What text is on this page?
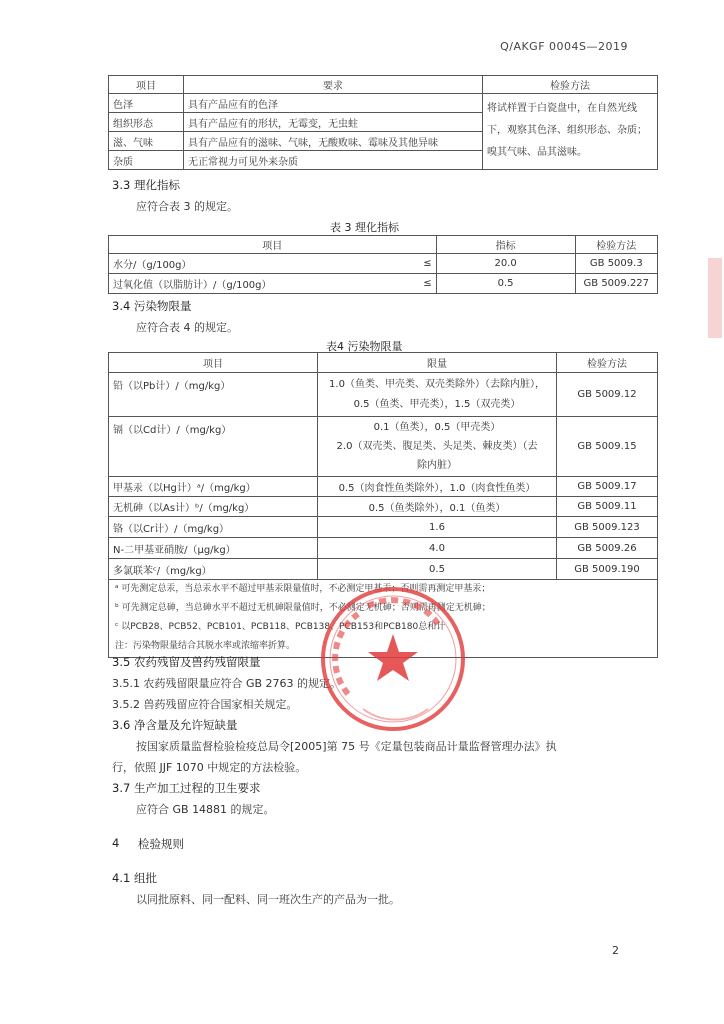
Q/AKGF 0004S—2019
项目	要求	检验方法
色泽	具有产品应有的色泽	将试样置于白瓷盘中，在自然光线
下，观察其色泽、组织形态、杂质；
嗅其气味、品其滋味。

组织形态	具有产品应有的形状，无霉变，无虫蛀	
滋、气味	具有产品应有的滋味、气味，无酸败味、霉味及其他异味	
杂质	无正常视力可见外来杂质	
3.3 理化指标
应符合表 3 的规定。
表 3 理化指标
项目		指标	检验方法
水分/（g/100g）	≤	20.0	GB 5009.3
过氧化值（以脂肪计）/（g/100g）	≤	0.5	GB 5009.227
3.4 污染物限量
应符合表 4 的规定。
表4 污染物限量
项目	限量	检验方法
铅（以Pb计）/（mg/kg）	1.0（鱼类、甲壳类、双壳类除外）（去除内脏），
0.5（鱼类、甲壳类），1.5（双壳类）	GB 5009.12
镉（以Cd计）/（mg/kg）	0.1（鱼类），0.5（甲壳类）
2.0（双壳类、腹足类、头足类、棘皮类）（去
除内脏）	GB 5009.15
甲基汞（以Hg计）ᵃ/（mg/kg）	0.5（肉食性鱼类除外），1.0（肉食性鱼类）	GB 5009.17
无机砷（以As计）ᵇ/（mg/kg）	0.5（鱼类除外），0.1（鱼类）	GB 5009.11
铬（以Cr计）/（mg/kg）	1.6	GB 5009.123
N-二甲基亚硝胺/（μg/kg）	4.0	GB 5009.26
多氯联苯ᶜ/（mg/kg）	0.5	GB 5009.190

ᵃ 可先测定总汞，当总汞水平不超过甲基汞限量值时，不必测定甲基汞；否则需再测定甲基汞；
ᵇ 可先测定总砷，当总砷水平不超过无机砷限量值时，不必测定无机砷；否则需再测定无机砷；
ᶜ 以PCB28、PCB52、PCB101、PCB118、PCB138、PCB153和PCB180总和计
注：污染物限量结合其脱水率或浓缩率折算。		
3.5 农药残留及兽药残留限量
3.5.1 农药残留限量应符合 GB 2763 的规定。
3.5.2 兽药残留应符合国家相关规定。
3.6 净含量及允许短缺量
按国家质量监督检验检疫总局令[2005]第 75 号《定量包装商品计量监督管理办法》执
行，依照 JJF 1070 中规定的方法检验。
3.7 生产加工过程的卫生要求
应符合 GB 14881 的规定。
4 检验规则
4.1 组批
以同批原料、同一配料、同一班次生产的产品为一批。
2
